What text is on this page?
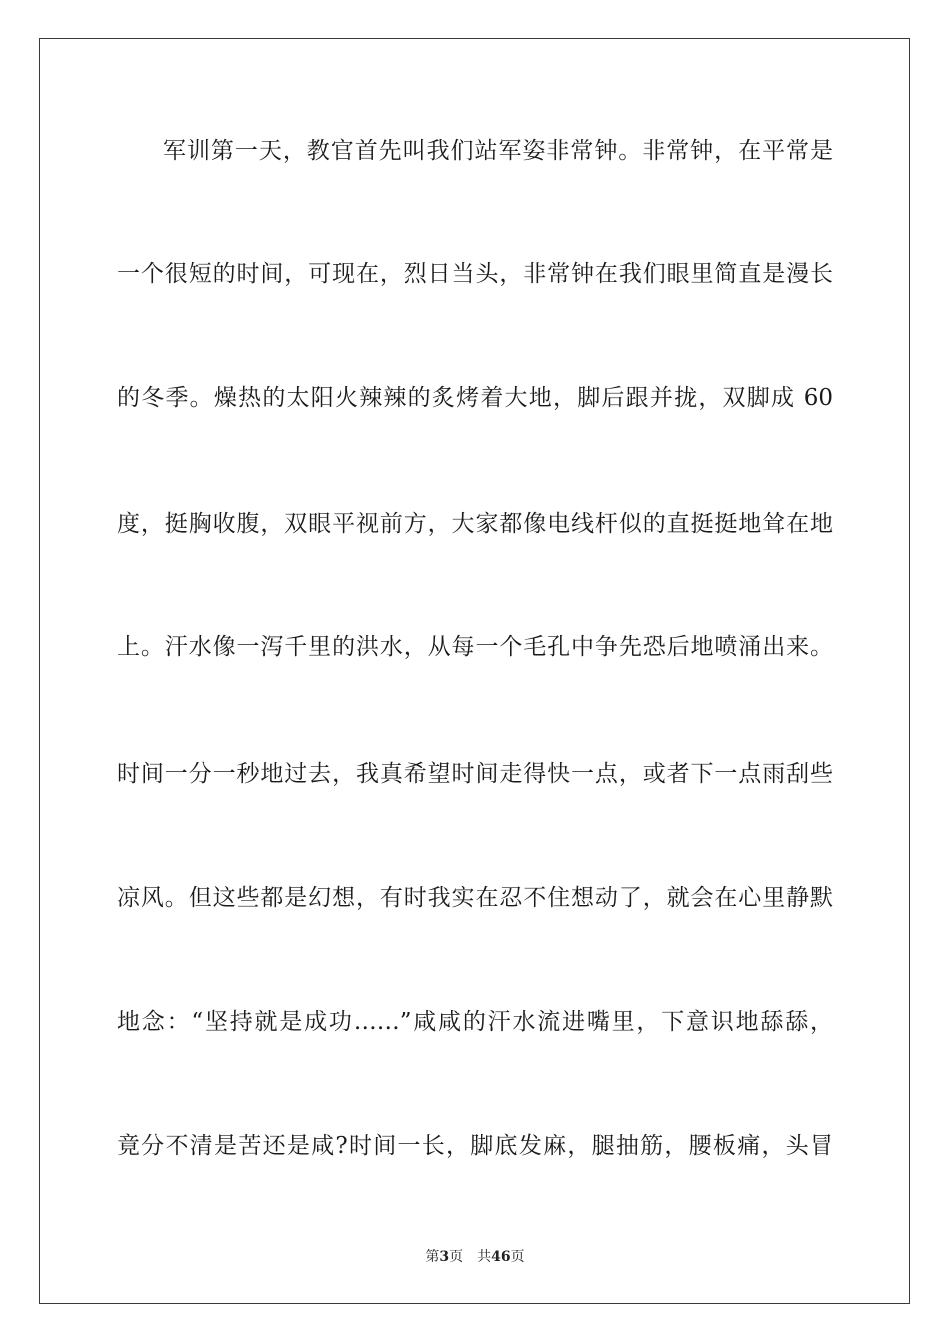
军训第一天，教官首先叫我们站军姿非常钟。非常钟，在平常是
一个很短的时间，可现在，烈日当头，非常钟在我们眼里简直是漫长
的冬季。燥热的太阳火辣辣的炙烤着大地，脚后跟并拢，双脚成 60
度，挺胸收腹，双眼平视前方，大家都像电线杆似的直挺挺地耸在地
上。汗水像一泻千里的洪水，从每一个毛孔中争先恐后地喷涌出来。
时间一分一秒地过去，我真希望时间走得快一点，或者下一点雨刮些
凉风。但这些都是幻想，有时我实在忍不住想动了，就会在心里静默
地念：“坚持就是成功……”咸咸的汗水流进嘴里，下意识地舔舔，
竟分不清是苦还是咸?时间一长，脚底发麻，腿抽筋，腰板痛，头冒
第3页 共46页
